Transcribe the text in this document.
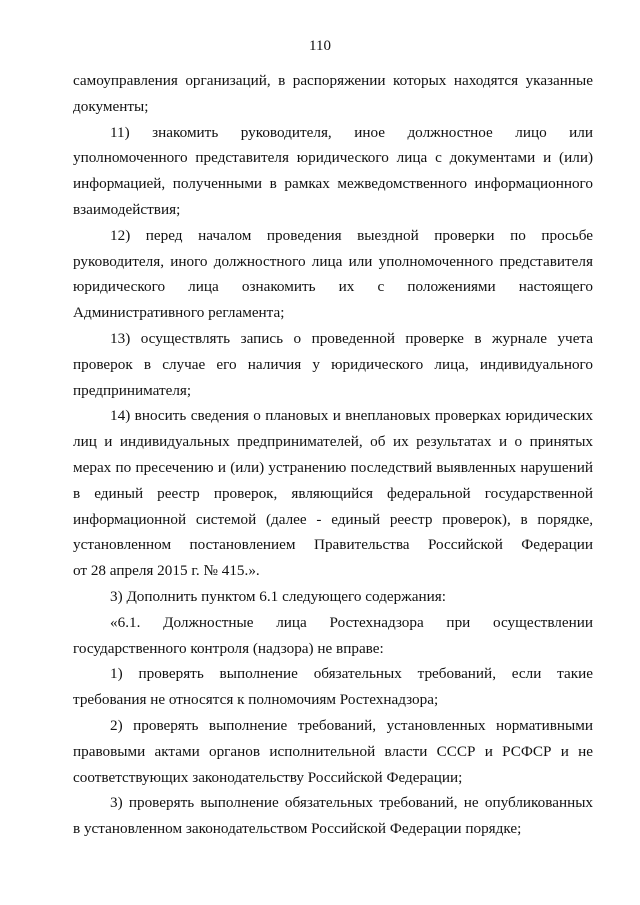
110
самоуправления организаций, в распоряжении которых находятся указанные
документы;
11) знакомить руководителя, иное должностное лицо или
уполномоченного представителя юридического лица с документами и (или)
информацией, полученными в рамках межведомственного информационного
взаимодействия;
12) перед началом проведения выездной проверки по просьбе
руководителя, иного должностного лица или уполномоченного представителя
юридического лица ознакомить их с положениями настоящего
Административного регламента;
13) осуществлять запись о проведенной проверке в журнале учета
проверок в случае его наличия у юридического лица, индивидуального
предпринимателя;
14) вносить сведения о плановых и внеплановых проверках юридических
лиц и индивидуальных предпринимателей, об их результатах и о принятых
мерах по пресечению и (или) устранению последствий выявленных нарушений
в единый реестр проверок, являющийся федеральной государственной
информационной системой (далее - единый реестр проверок), в порядке,
установленном постановлением Правительства Российской Федерации
от 28 апреля 2015 г. № 415.».
3) Дополнить пунктом 6.1 следующего содержания:
«6.1. Должностные лица Ростехнадзора при осуществлении
государственного контроля (надзора) не вправе:
1) проверять выполнение обязательных требований, если такие
требования не относятся к полномочиям Ростехнадзора;
2) проверять выполнение требований, установленных нормативными
правовыми актами органов исполнительной власти СССР и РСФСР и не
соответствующих законодательству Российской Федерации;
3) проверять выполнение обязательных требований, не опубликованных
в установленном законодательством Российской Федерации порядке;
